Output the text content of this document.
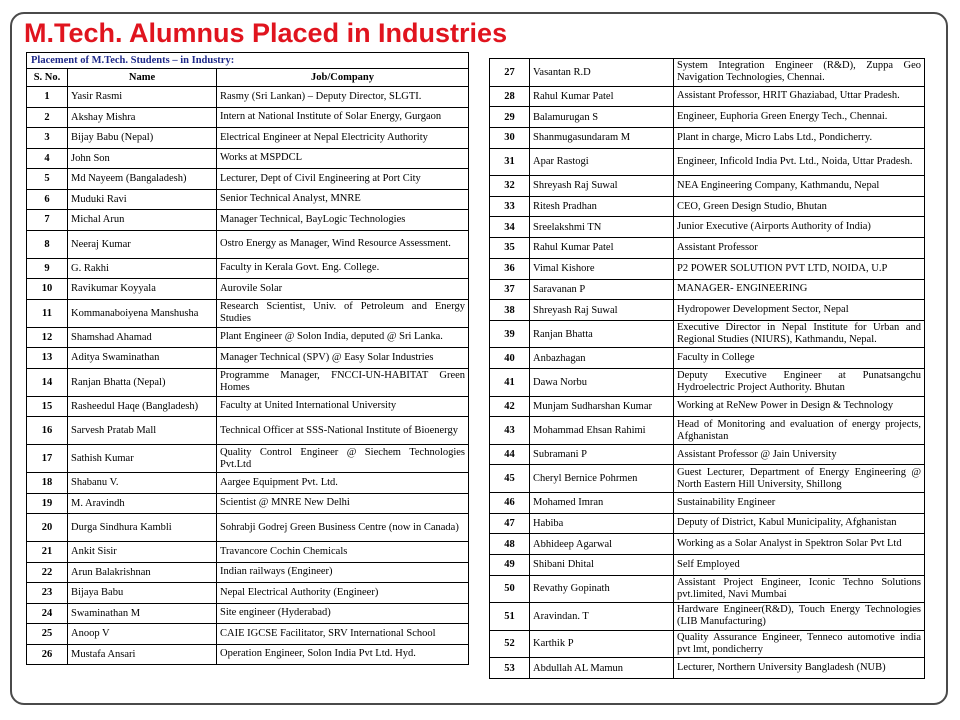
M.Tech. Alumnus Placed in Industries
Placement of M.Tech. Students – in Industry:		
S. No.	Name	Job/Company
1	Yasir Rasmi	Rasmy (Sri Lankan) – Deputy Director, SLGTI.
2	Akshay Mishra	Intern at National Institute of Solar Energy, Gurgaon
3	Bijay Babu (Nepal)	Electrical Engineer at Nepal Electricity Authority
4	John Son	Works at MSPDCL
5	Md Nayeem (Bangaladesh)	Lecturer, Dept of Civil Engineering at Port City
6	Muduki Ravi	Senior Technical Analyst, MNRE
7	Michal Arun	Manager Technical, BayLogic Technologies
8	Neeraj Kumar	Ostro Energy as Manager, Wind Resource Assessment.
9	G. Rakhi	Faculty in Kerala Govt. Eng. College.
10	Ravikumar Koyyala	Aurovile Solar
11	Kommanaboiyena Manshusha	Research Scientist, Univ. of Petroleum and Energy Studies
12	Shamshad Ahamad	Plant Engineer @ Solon India, deputed @ Sri Lanka.
13	Aditya Swaminathan	Manager Technical (SPV) @ Easy Solar Industries
14	Ranjan Bhatta (Nepal)	Programme Manager, FNCCI-UN-HABITAT Green Homes
15	Rasheedul Haqe (Bangladesh)	Faculty at United International University
16	Sarvesh Pratab Mall	Technical Officer at SSS-National Institute of Bioenergy
17	Sathish Kumar	Quality Control Engineer @ Siechem Technologies Pvt.Ltd
18	Shabanu V.	Aargee Equipment Pvt. Ltd.
19	M. Aravindh	Scientist @ MNRE New Delhi
20	Durga Sindhura Kambli	Sohrabji Godrej Green Business Centre (now in Canada)
21	Ankit Sisir	Travancore Cochin Chemicals
22	Arun Balakrishnan	Indian railways (Engineer)
23	Bijaya Babu	Nepal Electrical Authority (Engineer)
24	Swaminathan M	Site engineer (Hyderabad)
25	Anoop V	CAIE IGCSE Facilitator, SRV International School
26	Mustafa Ansari	Operation Engineer, Solon India Pvt Ltd. Hyd.
27	Vasantan R.D	System Integration Engineer (R&D), Zuppa Geo Navigation Technologies, Chennai.
28	Rahul Kumar Patel	Assistant Professor, HRIT Ghaziabad, Uttar Pradesh.
29	Balamurugan S	Engineer, Euphoria Green Energy Tech., Chennai.
30	Shanmugasundaram M	Plant in charge, Micro Labs Ltd., Pondicherry.
31	Apar Rastogi	Engineer, Inficold India Pvt. Ltd., Noida, Uttar Pradesh.
32	Shreyash Raj Suwal	NEA Engineering Company, Kathmandu, Nepal
33	Ritesh Pradhan	CEO, Green Design Studio, Bhutan
34	Sreelakshmi TN	Junior Executive (Airports Authority of India)
35	Rahul Kumar Patel	Assistant Professor
36	Vimal Kishore	P2 POWER SOLUTION PVT LTD, NOIDA, U.P
37	Saravanan P	MANAGER- ENGINEERING
38	Shreyash Raj Suwal	Hydropower Development Sector, Nepal
39	Ranjan Bhatta	Executive Director in Nepal Institute for Urban and Regional Studies (NIURS), Kathmandu, Nepal.
40	Anbazhagan	Faculty in College
41	Dawa Norbu	Deputy Executive Engineer at Punatsangchu Hydroelectric Project Authority. Bhutan
42	Munjam Sudharshan Kumar	Working at ReNew Power in Design & Technology
43	Mohammad Ehsan Rahimi	Head of Monitoring and evaluation of energy projects, Afghanistan
44	Subramani P	Assistant Professor @ Jain University
45	Cheryl Bernice Pohrmen	Guest Lecturer, Department of Energy Engineering @ North Eastern Hill University, Shillong
46	Mohamed Imran	Sustainability Engineer
47	Habiba	Deputy of District, Kabul Municipality, Afghanistan
48	Abhideep Agarwal	Working as a Solar Analyst in Spektron Solar Pvt Ltd
49	Shibani Dhital	Self Employed
50	Revathy Gopinath	Assistant Project Engineer, Iconic Techno Solutions pvt.limited, Navi Mumbai
51	Aravindan. T	Hardware Engineer(R&D), Touch Energy Technologies (LIB Manufacturing)
52	Karthik P	Quality Assurance Engineer, Tenneco automotive india pvt lmt, pondicherry
53	Abdullah AL Mamun	Lecturer, Northern University Bangladesh (NUB)
